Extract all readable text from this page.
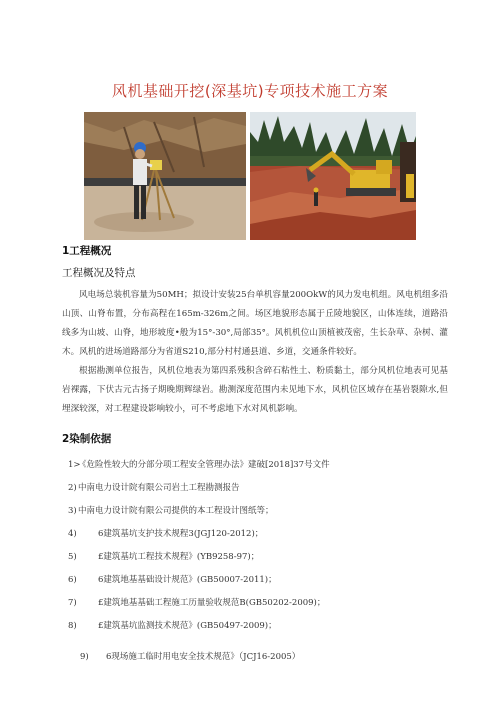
风机基础开挖(深基坑)专项技术施工方案
1工程概况
工程概况及特点

风电场总装机容量为50MH；拟设计安装25台单机容量200OkW的风力发电机组。风电机组多沿山顶、山脊布置，分布高程在165m-326m之间。场区地貌形态属于丘陵地貌区，山体连续，道路沿线多为山坡、山脊，地形坡度•般为15°-30°,局部35°。风机机位山顶植被茂密，生长杂草、杂树、灌木。风机的进场道路部分为省道S210,部分村村通县道、乡道，交通条件较好。

根据勘测单位报告，风机位地表为第四系残积含碎石粘性土、粉质黏土，部分风机位地表可见基岩裸露，下伏古元古扬子期晚期辉绿岩。勘测深度范围内未见地下水，风机位区域存在基岩裂隙水,但埋深较深，对工程建设影响较小，可不考虑地下水对风机影响。

2染制依据
1>《危险性较大的分部分项工程安全管理办法》建破[2018]37号文件
2)中南电力设计院有限公司岩土工程勘测报告
3)中南电力设计院有限公司提供的本工程设计图纸等；
4)	6建筑基坑支护技术规程3(JGJ120-2012)；
5)	£建筑基坑工程技术规程》(YB9258-97)；
6)	6建筑地基基础设计规范》(GB50007-2011)；
7)	£建筑地基基础工程施工历量验收规范B(GB50202-2009)；
8)	£建筑基坑监测技术规范》(GB50497-2009)；
9) 6现场施工临时用电安全技术规范》（JCJ16-2005）
